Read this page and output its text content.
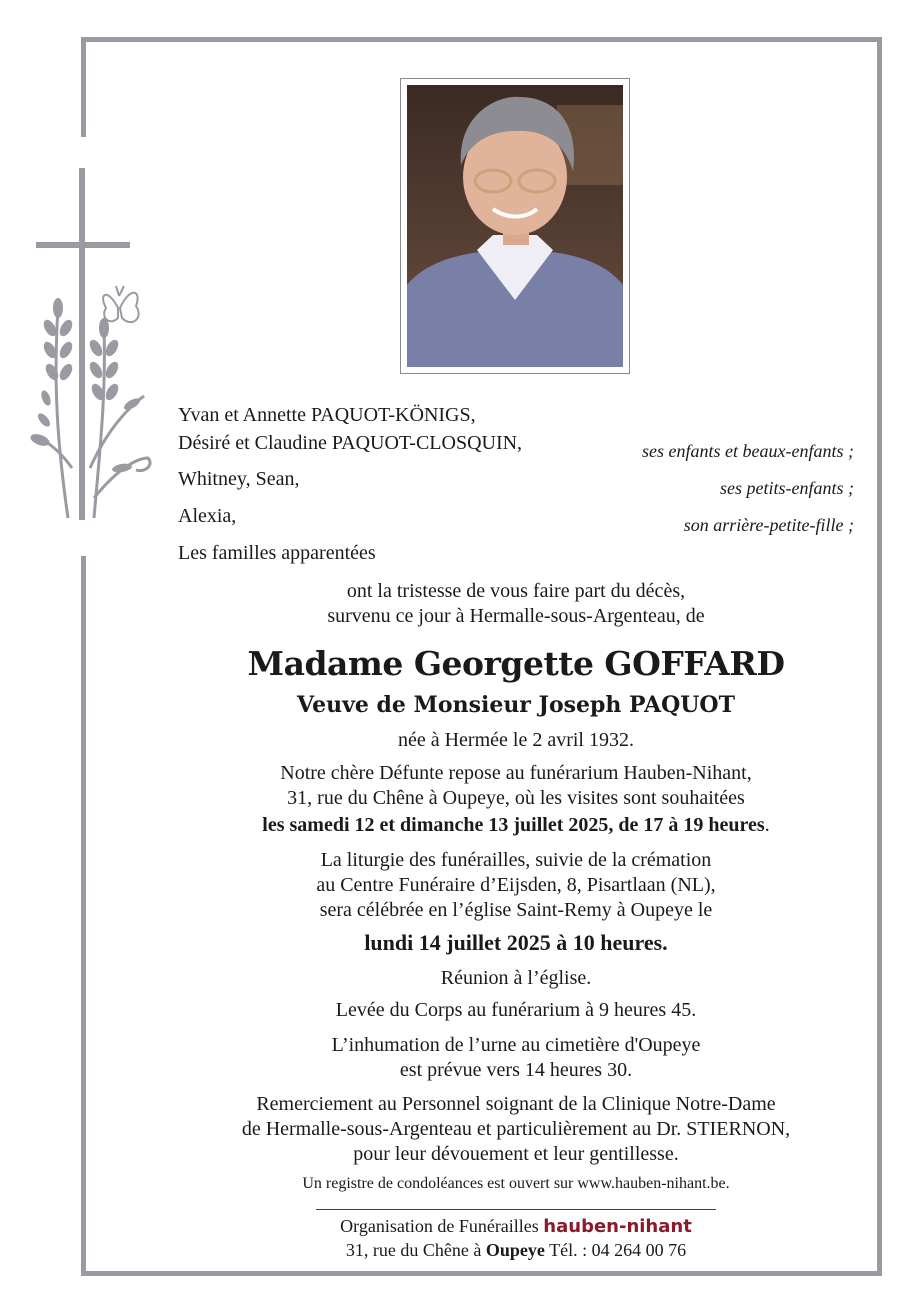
Yvan et Annette PAQUOT-KÖNIGS,
Désiré et Claudine PAQUOT-CLOSQUIN,
Whitney, Sean,
Alexia,
Les familles apparentées
ses enfants et beaux-enfants ;
ses petits-enfants ;
son arrière-petite-fille ;
ont la tristesse de vous faire part du décès,
survenu ce jour à Hermalle-sous-Argenteau, de
Madame Georgette GOFFARD
Veuve de Monsieur Joseph PAQUOT
née à Hermée le 2 avril 1932.
Notre chère Défunte repose au funérarium Hauben-Nihant,
31, rue du Chêne à Oupeye, où les visites sont souhaitées
les samedi 12 et dimanche 13 juillet 2025, de 17 à 19 heures.
La liturgie des funérailles, suivie de la crémation
au Centre Funéraire d’Eijsden, 8, Pisartlaan (NL),
sera célébrée en l’église Saint-Remy à Oupeye le
lundi 14 juillet 2025 à 10 heures.
Réunion à l’église.
Levée du Corps au funérarium à 9 heures 45.
L’inhumation de l’urne au cimetière d'Oupeye
est prévue vers 14 heures 30.
Remerciement au Personnel soignant de la Clinique Notre-Dame
de Hermalle-sous-Argenteau et particulièrement au Dr. STIERNON,
pour leur dévouement et leur gentillesse.
Un registre de condoléances est ouvert sur www.hauben-nihant.be.
Organisation de Funérailles hauben-nihant
31, rue du Chêne à Oupeye Tél. : 04 264 00 76
